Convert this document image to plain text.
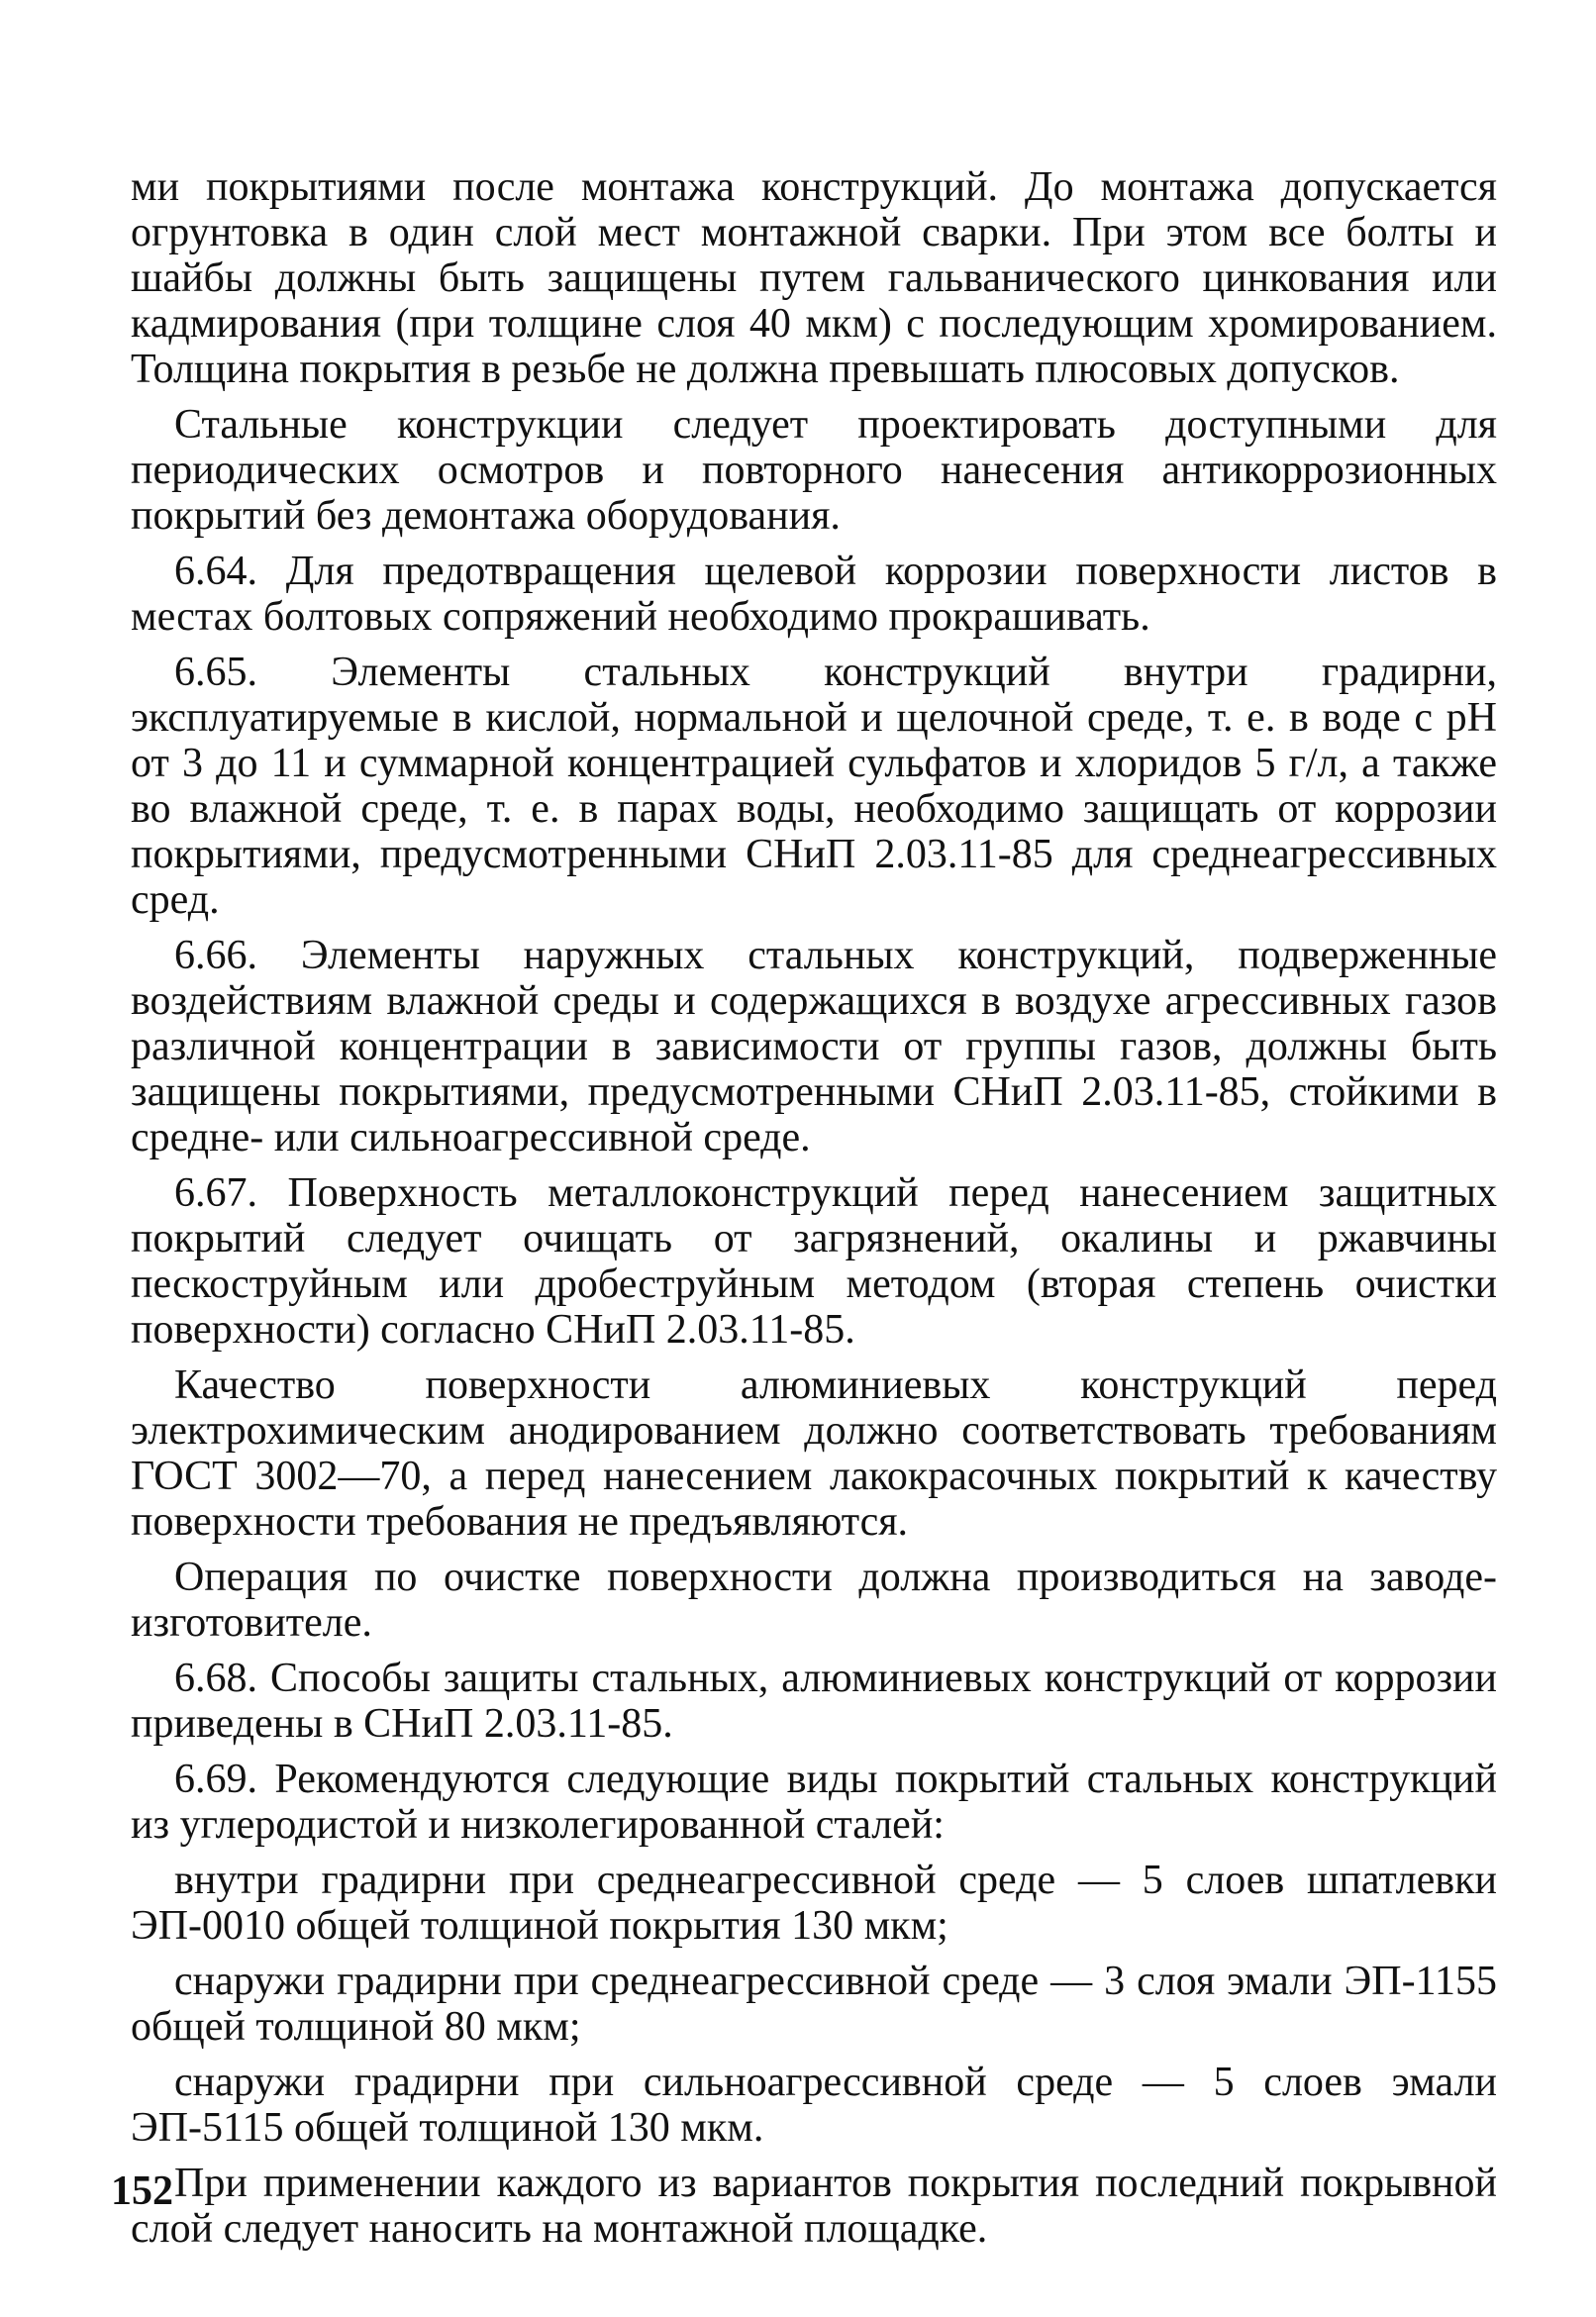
ми покрытиями после монтажа конструкций. До монтажа допускается огрунтовка в один слой мест монтажной сварки. При этом все болты и шайбы должны быть защищены путем гальванического цинкования или кадмирования (при толщине слоя 40 мкм) с последующим хромированием. Толщина покрытия в резьбе не должна превышать плюсовых допусков.

Стальные конструкции следует проектировать доступными для периодических осмотров и повторного нанесения антикоррозионных покрытий без демонтажа оборудования.

6.64. Для предотвращения щелевой коррозии поверхности листов в местах болтовых сопряжений необходимо прокрашивать.

6.65. Элементы стальных конструкций внутри градирни, эксплуатируемые в кислой, нормальной и щелочной среде, т. е. в воде с pH от 3 до 11 и суммарной концентрацией сульфатов и хлоридов 5 г/л, а также во влажной среде, т. е. в парах воды, необходимо защищать от коррозии покрытиями, предусмотренными СНиП 2.03.11-85 для среднеагрессивных сред.

6.66. Элементы наружных стальных конструкций, подверженные воздействиям влажной среды и содержащихся в воздухе агрессивных газов различной концентрации в зависимости от группы газов, должны быть защищены покрытиями, предусмотренными СНиП 2.03.11-85, стойкими в средне- или сильноагрессивной среде.

6.67. Поверхность металлоконструкций перед нанесением защитных покрытий следует очищать от загрязнений, окалины и ржавчины пескоструйным или дробеструйным методом (вторая степень очистки поверхности) согласно СНиП 2.03.11-85.

Качество поверхности алюминиевых конструкций перед электрохимическим анодированием должно соответствовать требованиям ГОСТ 3002—70, а перед нанесением лакокрасочных покрытий к качеству поверхности требования не предъявляются.

Операция по очистке поверхности должна производиться на заводе-изготовителе.

6.68. Способы защиты стальных, алюминиевых конструкций от коррозии приведены в СНиП 2.03.11-85.

6.69. Рекомендуются следующие виды покрытий стальных конструкций из углеродистой и низколегированной сталей:

внутри градирни при среднеагрессивной среде — 5 слоев шпатлевки ЭП-0010 общей толщиной покрытия 130 мкм;

снаружи градирни при среднеагрессивной среде — 3 слоя эмали ЭП-1155 общей толщиной 80 мкм;

снаружи градирни при сильноагрессивной среде — 5 слоев эмали ЭП-5115 общей толщиной 130 мкм.

При применении каждого из вариантов покрытия последний покрывной слой следует наносить на монтажной площадке.

152
